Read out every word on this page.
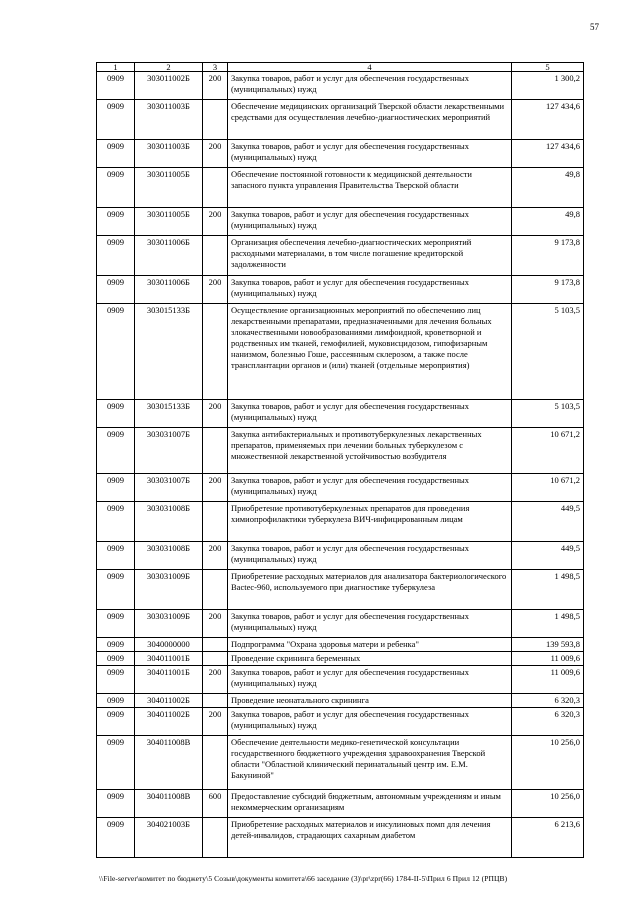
57
1	2	3	4	5
0909	303011002Б	200	Закупка товаров, работ и услуг для обеспечения государственных (муниципальных) нужд	1 300,2
0909	303011003Б		Обеспечение медицинских организаций Тверской области лекарственными средствами для осуществления лечебно-диагностических мероприятий	127 434,6
0909	303011003Б	200	Закупка товаров, работ и услуг для обеспечения государственных (муниципальных) нужд	127 434,6
0909	303011005Б		Обеспечение постоянной готовности к медицинской деятельности запасного пункта управления Правительства Тверской области	49,8
0909	303011005Б	200	Закупка товаров, работ и услуг для обеспечения государственных (муниципальных) нужд	49,8
0909	303011006Б		Организация обеспечения лечебно-диагностических мероприятий расходными материалами, в том числе погашение кредиторской задолженности	9 173,8
0909	303011006Б	200	Закупка товаров, работ и услуг для обеспечения государственных (муниципальных) нужд	9 173,8
0909	303015133Б		Осуществление организационных мероприятий по обеспечению лиц лекарственными препаратами, предназначенными для лечения больных злокачественными новообразованиями лимфоидной, кроветворной и родственных им тканей, гемофилией, муковисцидозом, гипофизарным нанизмом, болезнью Гоше, рассеянным склерозом, а также после трансплантации органов и (или) тканей (отдельные мероприятия)	5 103,5
0909	303015133Б	200	Закупка товаров, работ и услуг для обеспечения государственных (муниципальных) нужд	5 103,5
0909	303031007Б		Закупка антибактериальных и противотуберкулезных лекарственных препаратов, применяемых при лечении больных туберкулезом с множественной лекарственной устойчивостью возбудителя	10 671,2
0909	303031007Б	200	Закупка товаров, работ и услуг для обеспечения государственных (муниципальных) нужд	10 671,2
0909	303031008Б		Приобретение противотуберкулезных препаратов для проведения химиопрофилактики туберкулеза ВИЧ-инфицированным лицам	449,5
0909	303031008Б	200	Закупка товаров, работ и услуг для обеспечения государственных (муниципальных) нужд	449,5
0909	303031009Б		Приобретение расходных материалов для анализатора бактериологического Bactec-960, используемого при диагностике туберкулеза	1 498,5
0909	303031009Б	200	Закупка товаров, работ и услуг для обеспечения государственных (муниципальных) нужд	1 498,5
0909	3040000000		Подпрограмма "Охрана здоровья матери и ребенка"	139 593,8
0909	304011001Б		Проведение скрининга беременных	11 009,6
0909	304011001Б	200	Закупка товаров, работ и услуг для обеспечения государственных (муниципальных) нужд	11 009,6
0909	304011002Б		Проведение неонатального скрининга	6 320,3
0909	304011002Б	200	Закупка товаров, работ и услуг для обеспечения государственных (муниципальных) нужд	6 320,3
0909	304011008В		Обеспечение деятельности медико-генетической консультации государственного бюджетного учреждения здравоохранения Тверской области "Областной клинический перинатальный центр им. Е.М. Бакуниной"	10 256,0
0909	304011008В	600	Предоставление субсидий бюджетным, автономным учреждениям и иным некоммерческим организациям	10 256,0
0909	304021003Б		Приобретение расходных материалов и инсулиновых помп для лечения детей-инвалидов, страдающих сахарным диабетом	6 213,6
\\File-server\комитет по бюджету\5 Созыв\документы комитета\66 заседание (3)\pr\zpr(66) 1784-II-5\Прил 6 Прил 12 (РПЦВ)
